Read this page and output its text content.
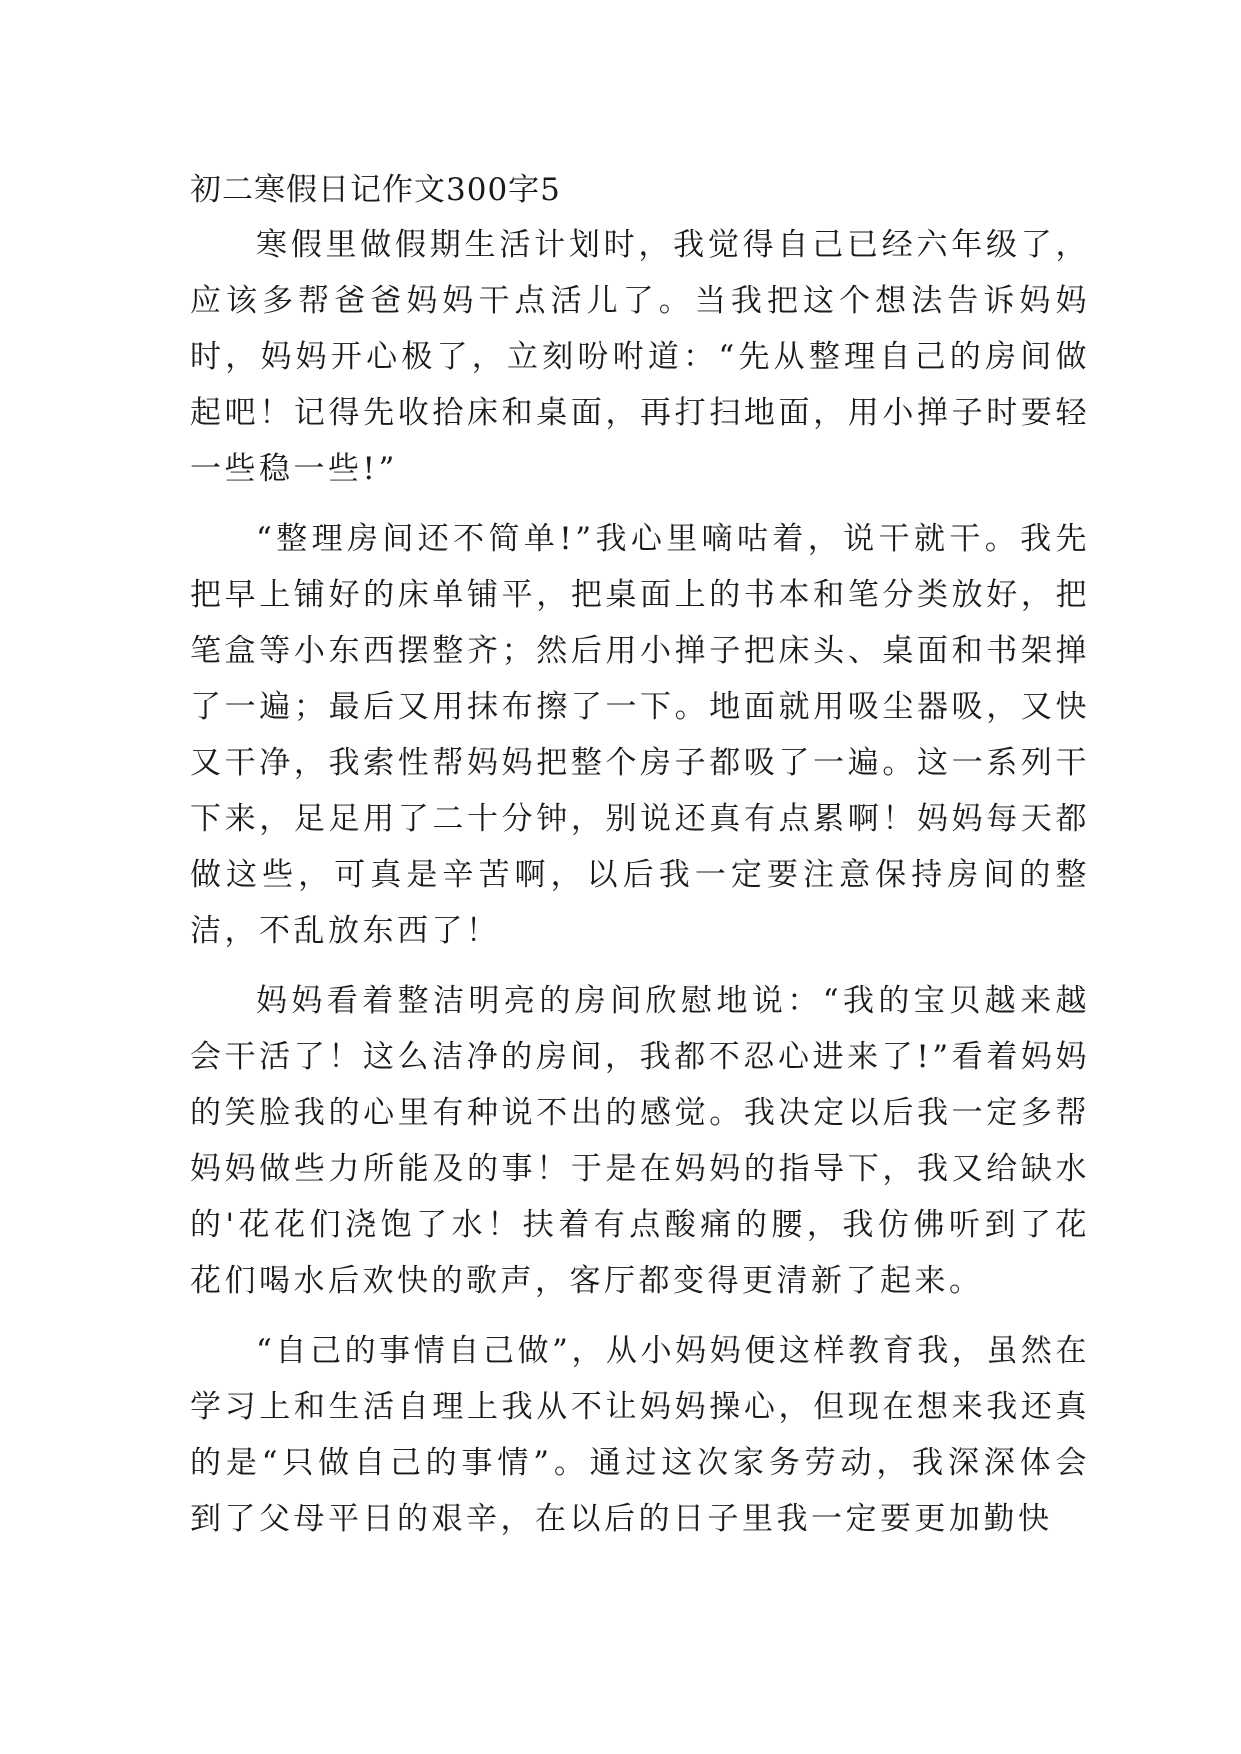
初二寒假日记作文300字5

寒假里做假期生活计划时，我觉得自己已经六年级了，应该多帮爸爸妈妈干点活儿了。当我把这个想法告诉妈妈时，妈妈开心极了，立刻吩咐道：“先从整理自己的房间做起吧！记得先收拾床和桌面，再打扫地面，用小掸子时要轻一些稳一些!”

“整理房间还不简单!”我心里嘀咕着，说干就干。我先把早上铺好的床单铺平，把桌面上的书本和笔分类放好，把笔盒等小东西摆整齐；然后用小掸子把床头、桌面和书架掸了一遍；最后又用抹布擦了一下。地面就用吸尘器吸，又快又干净，我索性帮妈妈把整个房子都吸了一遍。这一系列干下来，足足用了二十分钟，别说还真有点累啊！妈妈每天都做这些，可真是辛苦啊，以后我一定要注意保持房间的整洁，不乱放东西了！

妈妈看着整洁明亮的房间欣慰地说：“我的宝贝越来越会干活了！这么洁净的房间，我都不忍心进来了!”看着妈妈的笑脸我的心里有种说不出的感觉。我决定以后我一定多帮妈妈做些力所能及的事！于是在妈妈的指导下，我又给缺水的'花花们浇饱了水！扶着有点酸痛的腰，我仿佛听到了花花们喝水后欢快的歌声，客厅都变得更清新了起来。

“自己的事情自己做”，从小妈妈便这样教育我，虽然在学习上和生活自理上我从不让妈妈操心，但现在想来我还真的是“只做自己的事情”。通过这次家务劳动，我深深体会到了父母平日的艰辛，在以后的日子里我一定要更加勤快
